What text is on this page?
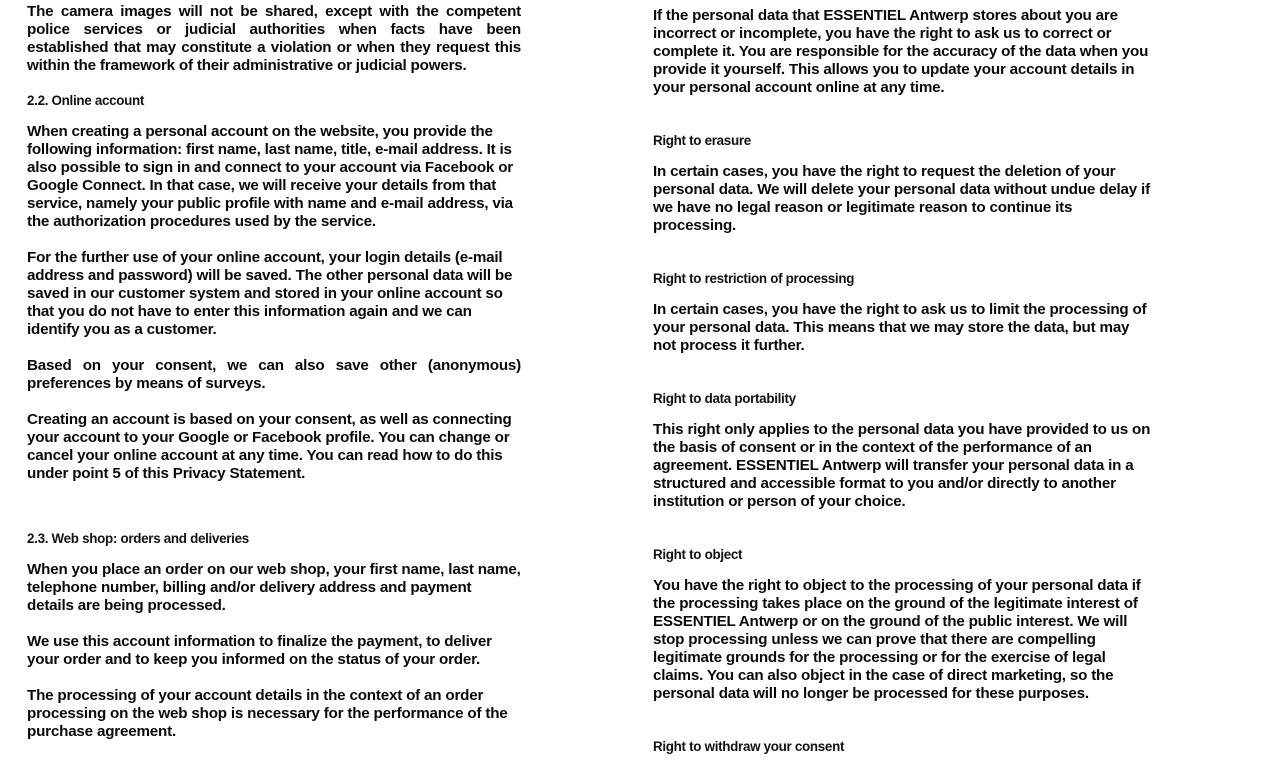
The camera images will not be shared, except with the competent police services or judicial authorities when facts have been established that may constitute a violation or when they request this within the framework of their administrative or judicial powers.

2.2. Online account

When creating a personal account on the website, you provide the following information: first name, last name, title, e-mail address. It is also possible to sign in and connect to your account via Facebook or Google Connect. In that case, we will receive your details from that service, namely your public profile with name and e-mail address, via the authorization procedures used by the service.

For the further use of your online account, your login details (e-mail address and password) will be saved. The other personal data will be saved in our customer system and stored in your online account so that you do not have to enter this information again and we can identify you as a customer.

Based on your consent, we can also save other (anonymous) preferences by means of surveys.

Creating an account is based on your consent, as well as connecting your account to your Google or Facebook profile. You can change or cancel your online account at any time. You can read how to do this under point 5 of this Privacy Statement.

2.3. Web shop: orders and deliveries

When you place an order on our web shop, your first name, last name, telephone number, billing and/or delivery address and payment details are being processed.

We use this account information to finalize the payment, to deliver your order and to keep you informed on the status of your order.

The processing of your account details in the context of an order processing on the web shop is necessary for the performance of the purchase agreement.

If the personal data that ESSENTIEL Antwerp stores about you are incorrect or incomplete, you have the right to ask us to correct or complete it. You are responsible for the accuracy of the data when you provide it yourself. This allows you to update your account details in your personal account online at any time.

Right to erasure

In certain cases, you have the right to request the deletion of your personal data. We will delete your personal data without undue delay if we have no legal reason or legitimate reason to continue its processing.

Right to restriction of processing

In certain cases, you have the right to ask us to limit the processing of your personal data. This means that we may store the data, but may not process it further.

Right to data portability

This right only applies to the personal data you have provided to us on the basis of consent or in the context of the performance of an agreement. ESSENTIEL Antwerp will transfer your personal data in a structured and accessible format to you and/or directly to another institution or person of your choice.

Right to object

You have the right to object to the processing of your personal data if the processing takes place on the ground of the legitimate interest of ESSENTIEL Antwerp or on the ground of the public interest. We will stop processing unless we can prove that there are compelling legitimate grounds for the processing or for the exercise of legal claims. You can also object in the case of direct marketing, so the personal data will no longer be processed for these purposes.

Right to withdraw your consent
